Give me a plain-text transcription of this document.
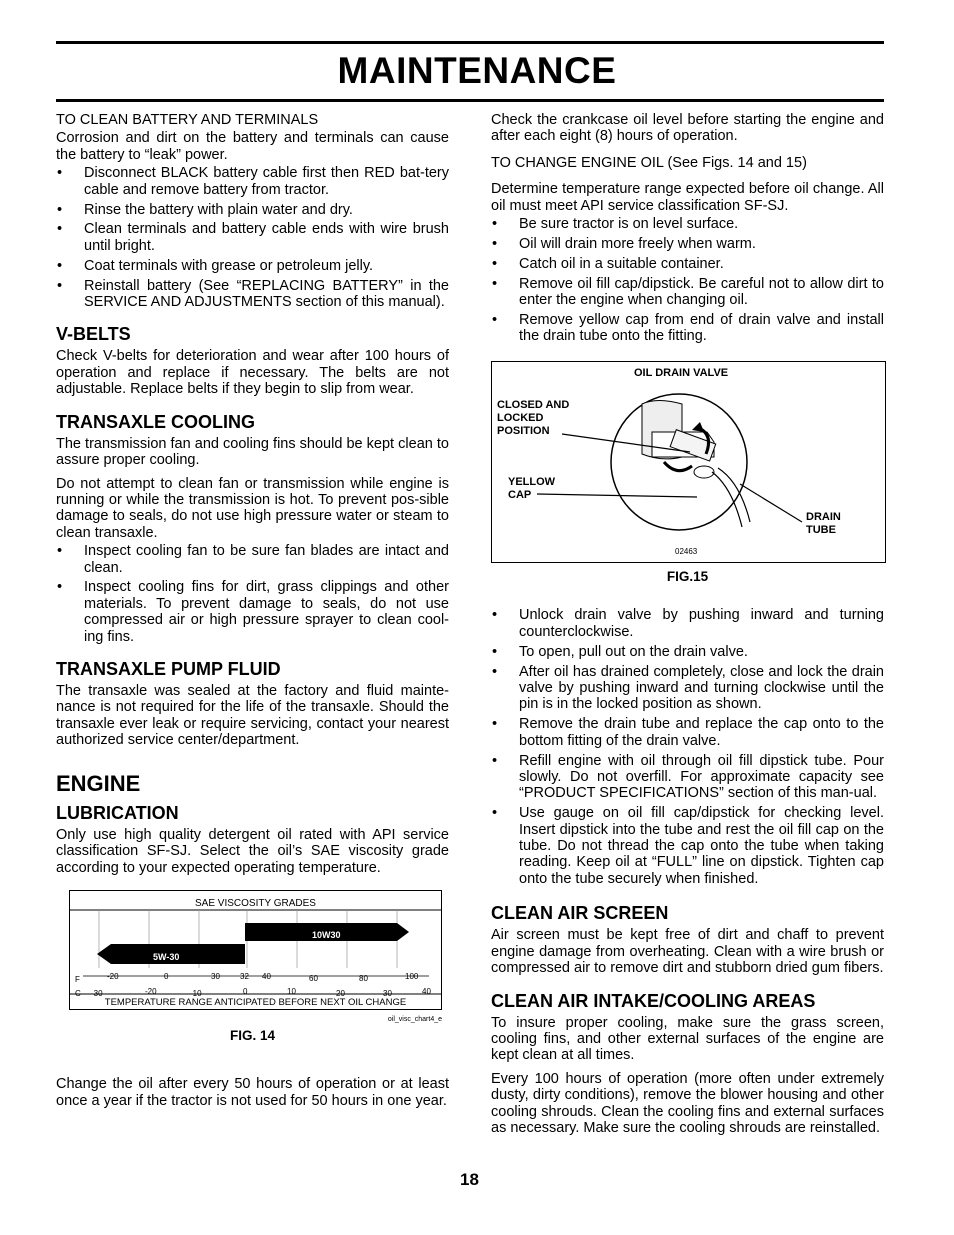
MAINTENANCE

TO CLEAN BATTERY AND TERMINALS

Corrosion and dirt on the battery and terminals can cause the battery to “leak” power.

• Disconnect BLACK battery cable first then RED bat-tery cable and remove battery from tractor.
• Rinse the battery with plain water and dry.
• Clean terminals and battery cable ends with wire brush until bright.
• Coat terminals with grease or petroleum jelly.
• Reinstall battery (See “REPLACING BATTERY” in the SERVICE AND ADJUSTMENTS section of this manual).
V-BELTS

Check V-belts for deterioration and wear after 100 hours of operation and replace if necessary. The belts are not adjustable. Replace belts if they begin to slip from wear.

TRANSAXLE COOLING

The transmission fan and cooling fins should be kept clean to assure proper cooling.

Do not attempt to clean fan or transmission while engine is running or while the transmission is hot. To prevent pos-sible damage to seals, do not use high pressure water or steam to clean transaxle.

• Inspect cooling fan to be sure fan blades are intact and clean.
• Inspect cooling fins for dirt, grass clippings and other materials. To prevent damage to seals, do not use compressed air or high pressure sprayer to clean cool-ing fins.
TRANSAXLE PUMP FLUID

The transaxle was sealed at the factory and fluid mainte-nance is not required for the life of the transaxle. Should the transaxle ever leak or require servicing, contact your nearest authorized service center/department.

ENGINE
LUBRICATION

Only use high quality detergent oil rated with API service classification SF-SJ. Select the oil’s SAE viscosity grade according to your expected operating temperature.

SAE VISCOSITY GRADES
5W-30
10W30
F
C
-20	0	30	32 40	60	80	100
-30	-20	-10	0	10	20	30	40
TEMPERATURE RANGE ANTICIPATED BEFORE NEXT OIL CHANGE
oil_visc_chart4_e
FIG. 14

Change the oil after every 50 hours of operation or at least once a year if the tractor is not used for 50 hours in one year.

Check the crankcase oil level before starting the engine and after each eight (8) hours of operation.

TO CHANGE ENGINE OIL (See Figs. 14 and 15)

Determine temperature range expected before oil change. All oil must meet API service classification SF-SJ.

• Be sure tractor is on level surface.
• Oil will drain more freely when warm.
• Catch oil in a suitable container.
• Remove oil fill cap/dipstick. Be careful not to allow dirt to enter the engine when changing oil.
• Remove yellow cap from end of drain valve and install the drain tube onto the fitting.
OIL DRAIN VALVE
CLOSED AND
LOCKED
POSITION
YELLOW
CAP
DRAIN
TUBE
02463
FIG.15
• Unlock drain valve by pushing inward and turning counterclockwise.
• To open, pull out on the drain valve.
• After oil has drained completely, close and lock the drain valve by pushing inward and turning clockwise until the pin is in the locked position as shown.
• Remove the drain tube and replace the cap onto to the bottom fitting of the drain valve.
• Refill engine with oil through oil fill dipstick tube. Pour slowly. Do not overfill. For approximate capacity see “PRODUCT SPECIFICATIONS” section of this man-ual.
• Use gauge on oil fill cap/dipstick for checking level. Insert dipstick into the tube and rest the oil fill cap on the tube. Do not thread the cap onto the tube when taking reading. Keep oil at “FULL” line on dipstick. Tighten cap onto the tube securely when finished.
CLEAN AIR SCREEN

Air screen must be kept free of dirt and chaff to prevent engine damage from overheating. Clean with a wire brush or compressed air to remove dirt and stubborn dried gum fibers.

CLEAN AIR INTAKE/COOLING AREAS

To insure proper cooling, make sure the grass screen, cooling fins, and other external surfaces of the engine are kept clean at all times.

Every 100 hours of operation (more often under extremely dusty, dirty conditions), remove the blower housing and other cooling shrouds. Clean the cooling fins and external surfaces as necessary. Make sure the cooling shrouds are reinstalled.

18
